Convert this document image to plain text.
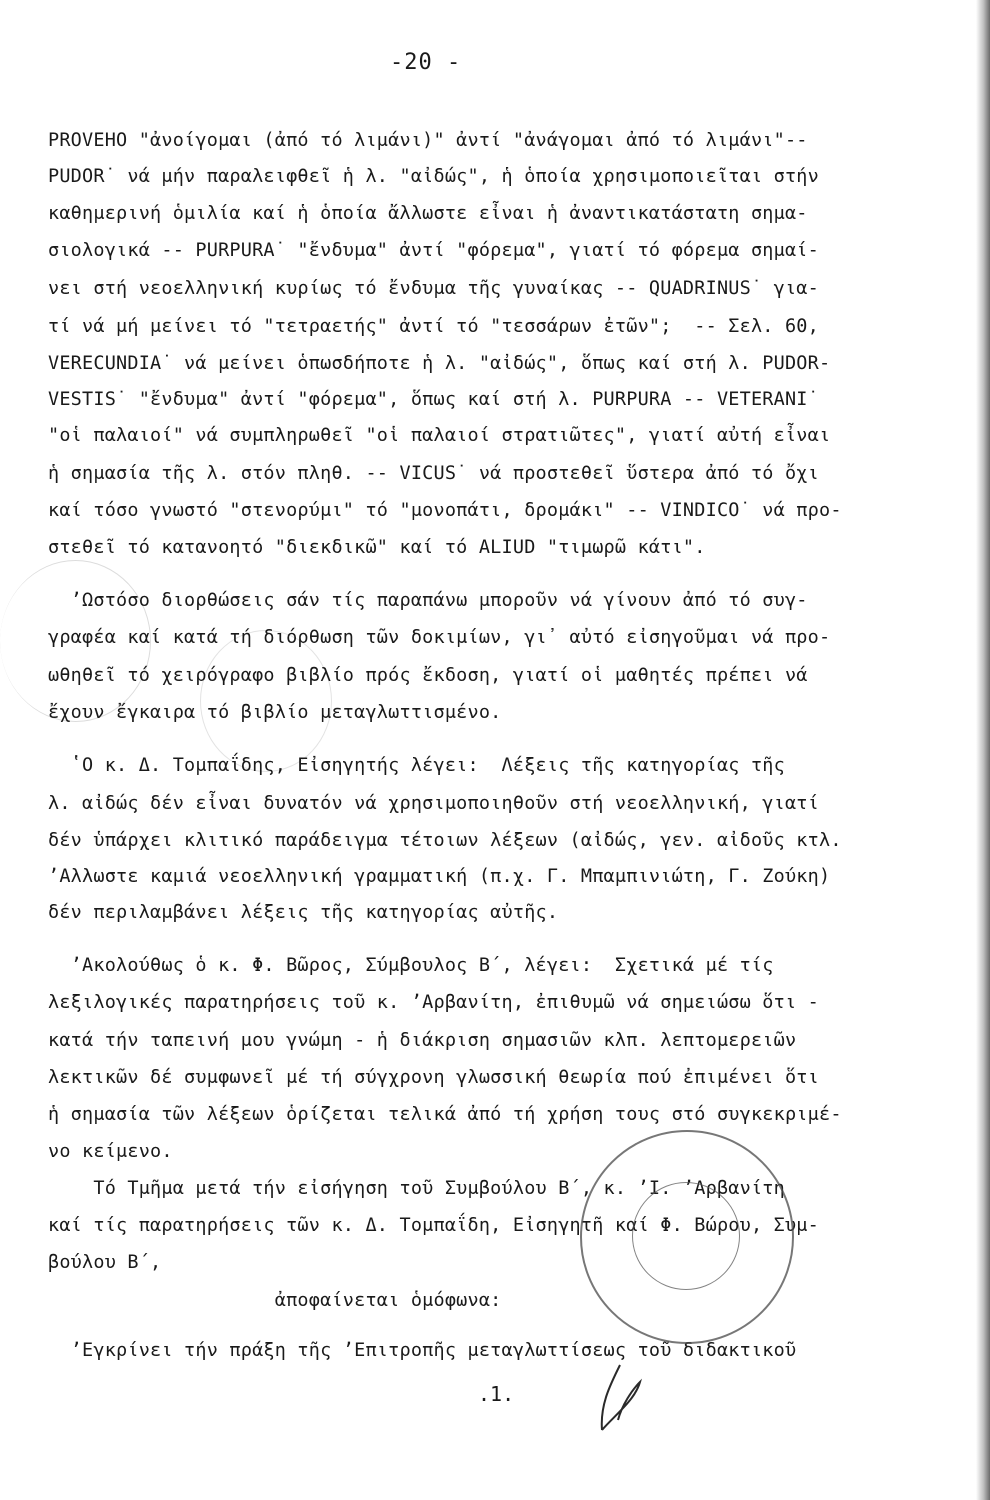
-20 -
PROVEHO "ἀνοίγομαι (ἀπό τό λιμάνι)" ἀντί "ἀνάγομαι ἀπό τό λιμάνι"--
PUDOR˙ νά μήν παραλειφθεῖ ἡ λ. "αἰδώς", ἡ ὁποία χρησιμοποιεῖται στήν
καθημερινή ὁμιλία καί ἡ ὁποία ἄλλωστε εἶναι ἡ ἀναντικατάστατη σημα-
σιολογικά -- PURPURA˙ "ἔνδυμα" ἀντί "φόρεμα", γιατί τό φόρεμα σημαί-
νει στή νεοελληνική κυρίως τό ἔνδυμα τῆς γυναίκας -- QUADRINUS˙ για-
τί νά μή μείνει τό "τετραετής" ἀντί τό "τεσσάρων ἐτῶν";  -- Σελ. 60,
VERECUNDIA˙ νά μείνει ὁπωσδήποτε ἡ λ. "αἰδώς", ὅπως καί στή λ. PUDOR-
VESTIS˙ "ἔνδυμα" ἀντί "φόρεμα", ὅπως καί στή λ. PURPURA -- VETERANI˙
"οἱ παλαιοί" νά συμπληρωθεῖ "οἱ παλαιοί στρατιῶτες", γιατί αὐτή εἶναι
ἡ σημασία τῆς λ. στόν πληθ. -- VICUS˙ νά προστεθεῖ ὕστερα ἀπό τό ὄχι
καί τόσο γνωστό "στενορύμι" τό "μονοπάτι, δρομάκι" -- VINDICO˙ νά προ-
στεθεῖ τό κατανοητό "διεκδικῶ" καί τό ALIUD "τιμωρῶ κάτι".
ʼΩστόσο διορθώσεις σάν τίς παραπάνω μποροῦν νά γίνουν ἀπό τό συγ-
γραφέα καί κατά τή διόρθωση τῶν δοκιμίων, γι᾽ αὐτό εἰσηγοῦμαι νά προ-
ωθηθεῖ τό χειρόγραφο βιβλίο πρός ἔκδοση, γιατί οἱ μαθητές πρέπει νά
ἔχουν ἔγκαιρα τό βιβλίο μεταγλωττισμένο.
ʽΟ κ. Δ. Τομπαΐδης, Εἰσηγητής λέγει:  Λέξεις τῆς κατηγορίας τῆς
λ. αἰδώς δέν εἶναι δυνατόν νά χρησιμοποιηθοῦν στή νεοελληνική, γιατί
δέν ὑπάρχει κλιτικό παράδειγμα τέτοιων λέξεων (αἰδώς, γεν. αἰδοῦς κτλ.
ʼΑλλωστε καμιά νεοελληνική γραμματική (π.χ. Γ. Μπαμπινιώτη, Γ. Ζούκη)
δέν περιλαμβάνει λέξεις τῆς κατηγορίας αὐτῆς.
ʼΑκολούθως ὁ κ. Φ. Βῶρος, Σύμβουλος Β΄, λέγει:  Σχετικά μέ τίς
λεξιλογικές παρατηρήσεις τοῦ κ. ʼΑρβανίτη, ἐπιθυμῶ νά σημειώσω ὅτι -
κατά τήν ταπεινή μου γνώμη - ἡ διάκριση σημασιῶν κλπ. λεπτομερειῶν
λεκτικῶν δέ συμφωνεῖ μέ τή σύγχρονη γλωσσική θεωρία πού ἐπιμένει ὅτι
ἡ σημασία τῶν λέξεων ὁρίζεται τελικά ἀπό τή χρήση τους στό συγκεκριμέ-
νο κείμενο.
Τό Τμῆμα μετά τήν εἰσήγηση τοῦ Συμβούλου Β΄, κ. ʼΙ. ʼΑρβανίτη
καί τίς παρατηρήσεις τῶν κ. Δ. Τομπαΐδη, Εἰσηγητῆ καί Φ. Βώρου, Συμ-
βούλου Β΄,
ἀποφαίνεται ὁμόφωνα:
ʼΕγκρίνει τήν πράξη τῆς ʼΕπιτροπῆς μεταγλωττίσεως τοῦ διδακτικοῦ
.1.
